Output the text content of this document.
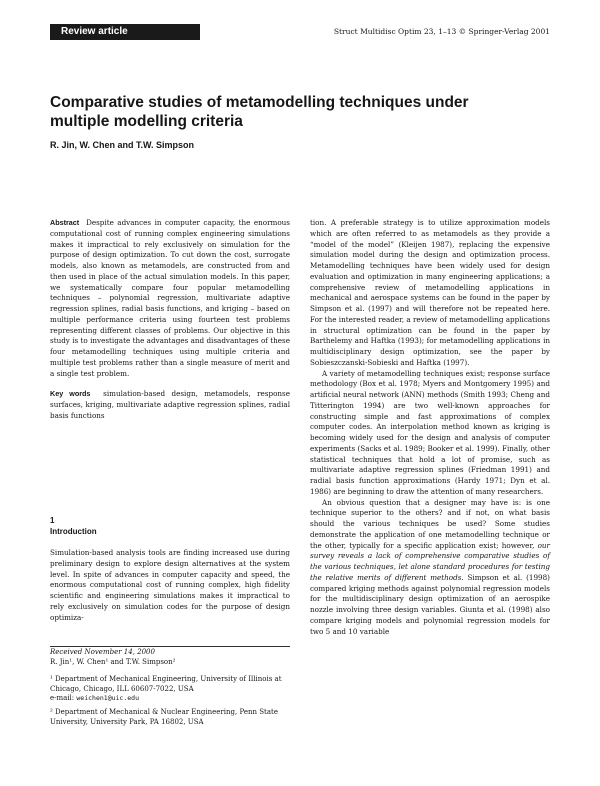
Review article	Struct Multidisc Optim 23, 1–13 © Springer-Verlag 2001
Comparative studies of metamodelling techniques under multiple modelling criteria
R. Jin, W. Chen and T.W. Simpson

Abstract Despite advances in computer capacity, the enormous computational cost of running complex engineering simulations makes it impractical to rely exclusively on simulation for the purpose of design optimization. To cut down the cost, surrogate models, also known as metamodels, are constructed from and then used in place of the actual simulation models. In this paper, we systematically compare four popular metamodelling techniques – polynomial regression, multivariate adaptive regression splines, radial basis functions, and kriging – based on multiple performance criteria using fourteen test problems representing different classes of problems. Our objective in this study is to investigate the advantages and disadvantages of these four metamodelling techniques using multiple criteria and multiple test problems rather than a single measure of merit and a single test problem.

Key words simulation-based design, metamodels, response surfaces, kriging, multivariate adaptive regression splines, radial basis functions

1
Introduction

Simulation-based analysis tools are finding increased use during preliminary design to explore design alternatives at the system level. In spite of advances in computer capacity and speed, the enormous computational cost of running complex, high fidelity scientific and engineering simulations makes it impractical to rely exclusively on simulation codes for the purpose of design optimiza-

Received November 14, 2000

R. Jin¹, W. Chen¹ and T.W. Simpson²

¹ Department of Mechanical Engineering, University of Illinois at Chicago, Chicago, ILL 60607-7022, USA

e-mail: weichen1@uic.edu

² Department of Mechanical & Nuclear Engineering, Penn State University, University Park, PA 16802, USA

tion. A preferable strategy is to utilize approximation models which are often referred to as metamodels as they provide a “model of the model” (Kleijen 1987), replacing the expensive simulation model during the design and optimization process. Metamodelling techniques have been widely used for design evaluation and optimization in many engineering applications; a comprehensive review of metamodelling applications in mechanical and aerospace systems can be found in the paper by Simpson et al. (1997) and will therefore not be repeated here. For the interested reader, a review of metamodelling applications in structural optimization can be found in the paper by Barthelemy and Haftka (1993); for metamodelling applications in multidisciplinary design optimization, see the paper by Sobieszczanski-Sobieski and Haftka (1997).

A variety of metamodelling techniques exist; response surface methodology (Box et al. 1978; Myers and Montgomery 1995) and artificial neural network (ANN) methods (Smith 1993; Cheng and Titterington 1994) are two well-known approaches for constructing simple and fast approximations of complex computer codes. An interpolation method known as kriging is becoming widely used for the design and analysis of computer experiments (Sacks et al. 1989; Booker et al. 1999). Finally, other statistical techniques that hold a lot of promise, such as multivariate adaptive regression splines (Friedman 1991) and radial basis function approximations (Hardy 1971; Dyn et al. 1986) are beginning to draw the attention of many researchers.

An obvious question that a designer may have is: is one technique superior to the others? and if not, on what basis should the various techniques be used? Some studies demonstrate the application of one metamodelling technique or the other, typically for a specific application exist; however, our survey reveals a lack of comprehensive comparative studies of the various techniques, let alone standard procedures for testing the relative merits of different methods. Simpson et al. (1998) compared kriging methods against polynomial regression models for the multidisciplinary design optimization of an aerospike nozzle involving three design variables. Giunta et al. (1998) also compare kriging models and polynomial regression models for two 5 and 10 variable
